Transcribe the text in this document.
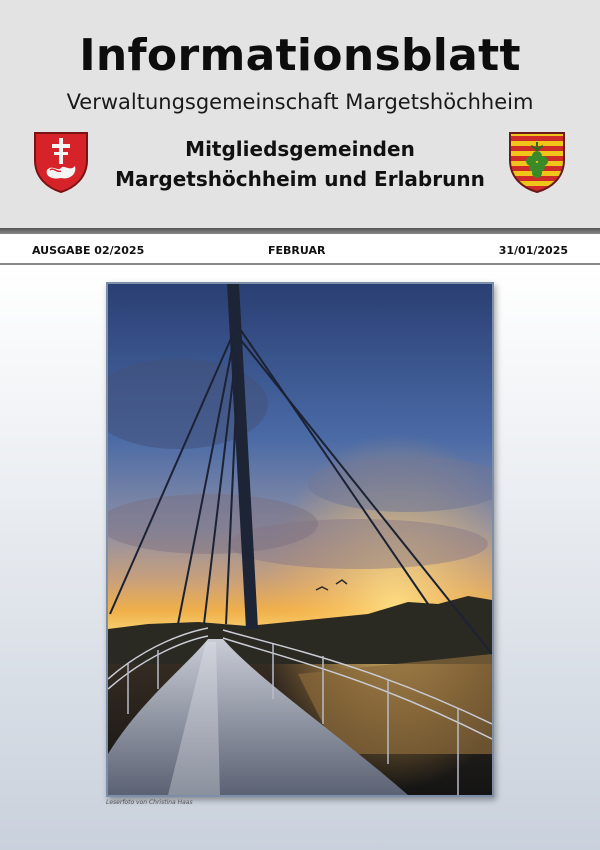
Informationsblatt
Verwaltungsgemeinschaft Margetshöchheim
Mitgliedsgemeinden
Margetshöchheim und Erlabrunn
AUSGABE 02/2025	FEBRUAR	31/01/2025
Leserfoto von Christina Haas
